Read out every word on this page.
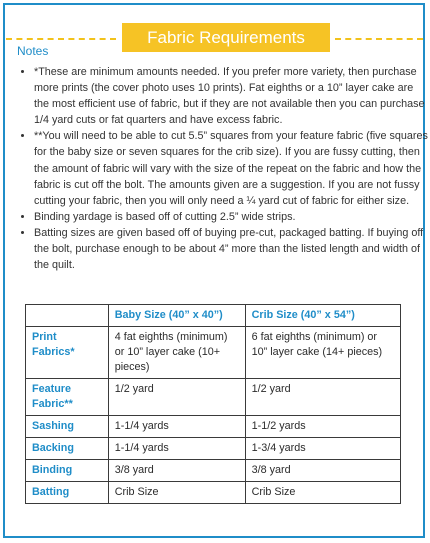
Fabric Requirements
Notes
• *These are minimum amounts needed. If you prefer more variety, then purchase more prints (the cover photo uses 10 prints). Fat eighths or a 10” layer cake are the most efficient use of fabric, but if they are not available then you can purchase 1/4 yard cuts or fat quarters and have excess fabric.
• **You will need to be able to cut 5.5” squares from your feature fabric (five squares for the baby size or seven squares for the crib size). If you are fussy cutting, then the amount of fabric will vary with the size of the repeat on the fabric and how the fabric is cut off the bolt. The amounts given are a suggestion. If you are not fussy cutting your fabric, then you will only need a ¼ yard cut of fabric for either size.
• Binding yardage is based off of cutting 2.5” wide strips.
• Batting sizes are given based off of buying pre-cut, packaged batting. If buying off the bolt, purchase enough to be about 4” more than the listed length and width of the quilt.
	Baby Size (40” x 40”)	Crib Size (40” x 54”)
Print Fabrics*	4 fat eighths (minimum) or 10” layer cake (10+ pieces)	6 fat eighths (minimum) or 10” layer cake (14+ pieces)
Feature Fabric**	1/2 yard	1/2 yard
Sashing	1-1/4 yards	1-1/2 yards
Backing	1-1/4 yards	1-3/4 yards
Binding	3/8 yard	3/8 yard
Batting	Crib Size	Crib Size
